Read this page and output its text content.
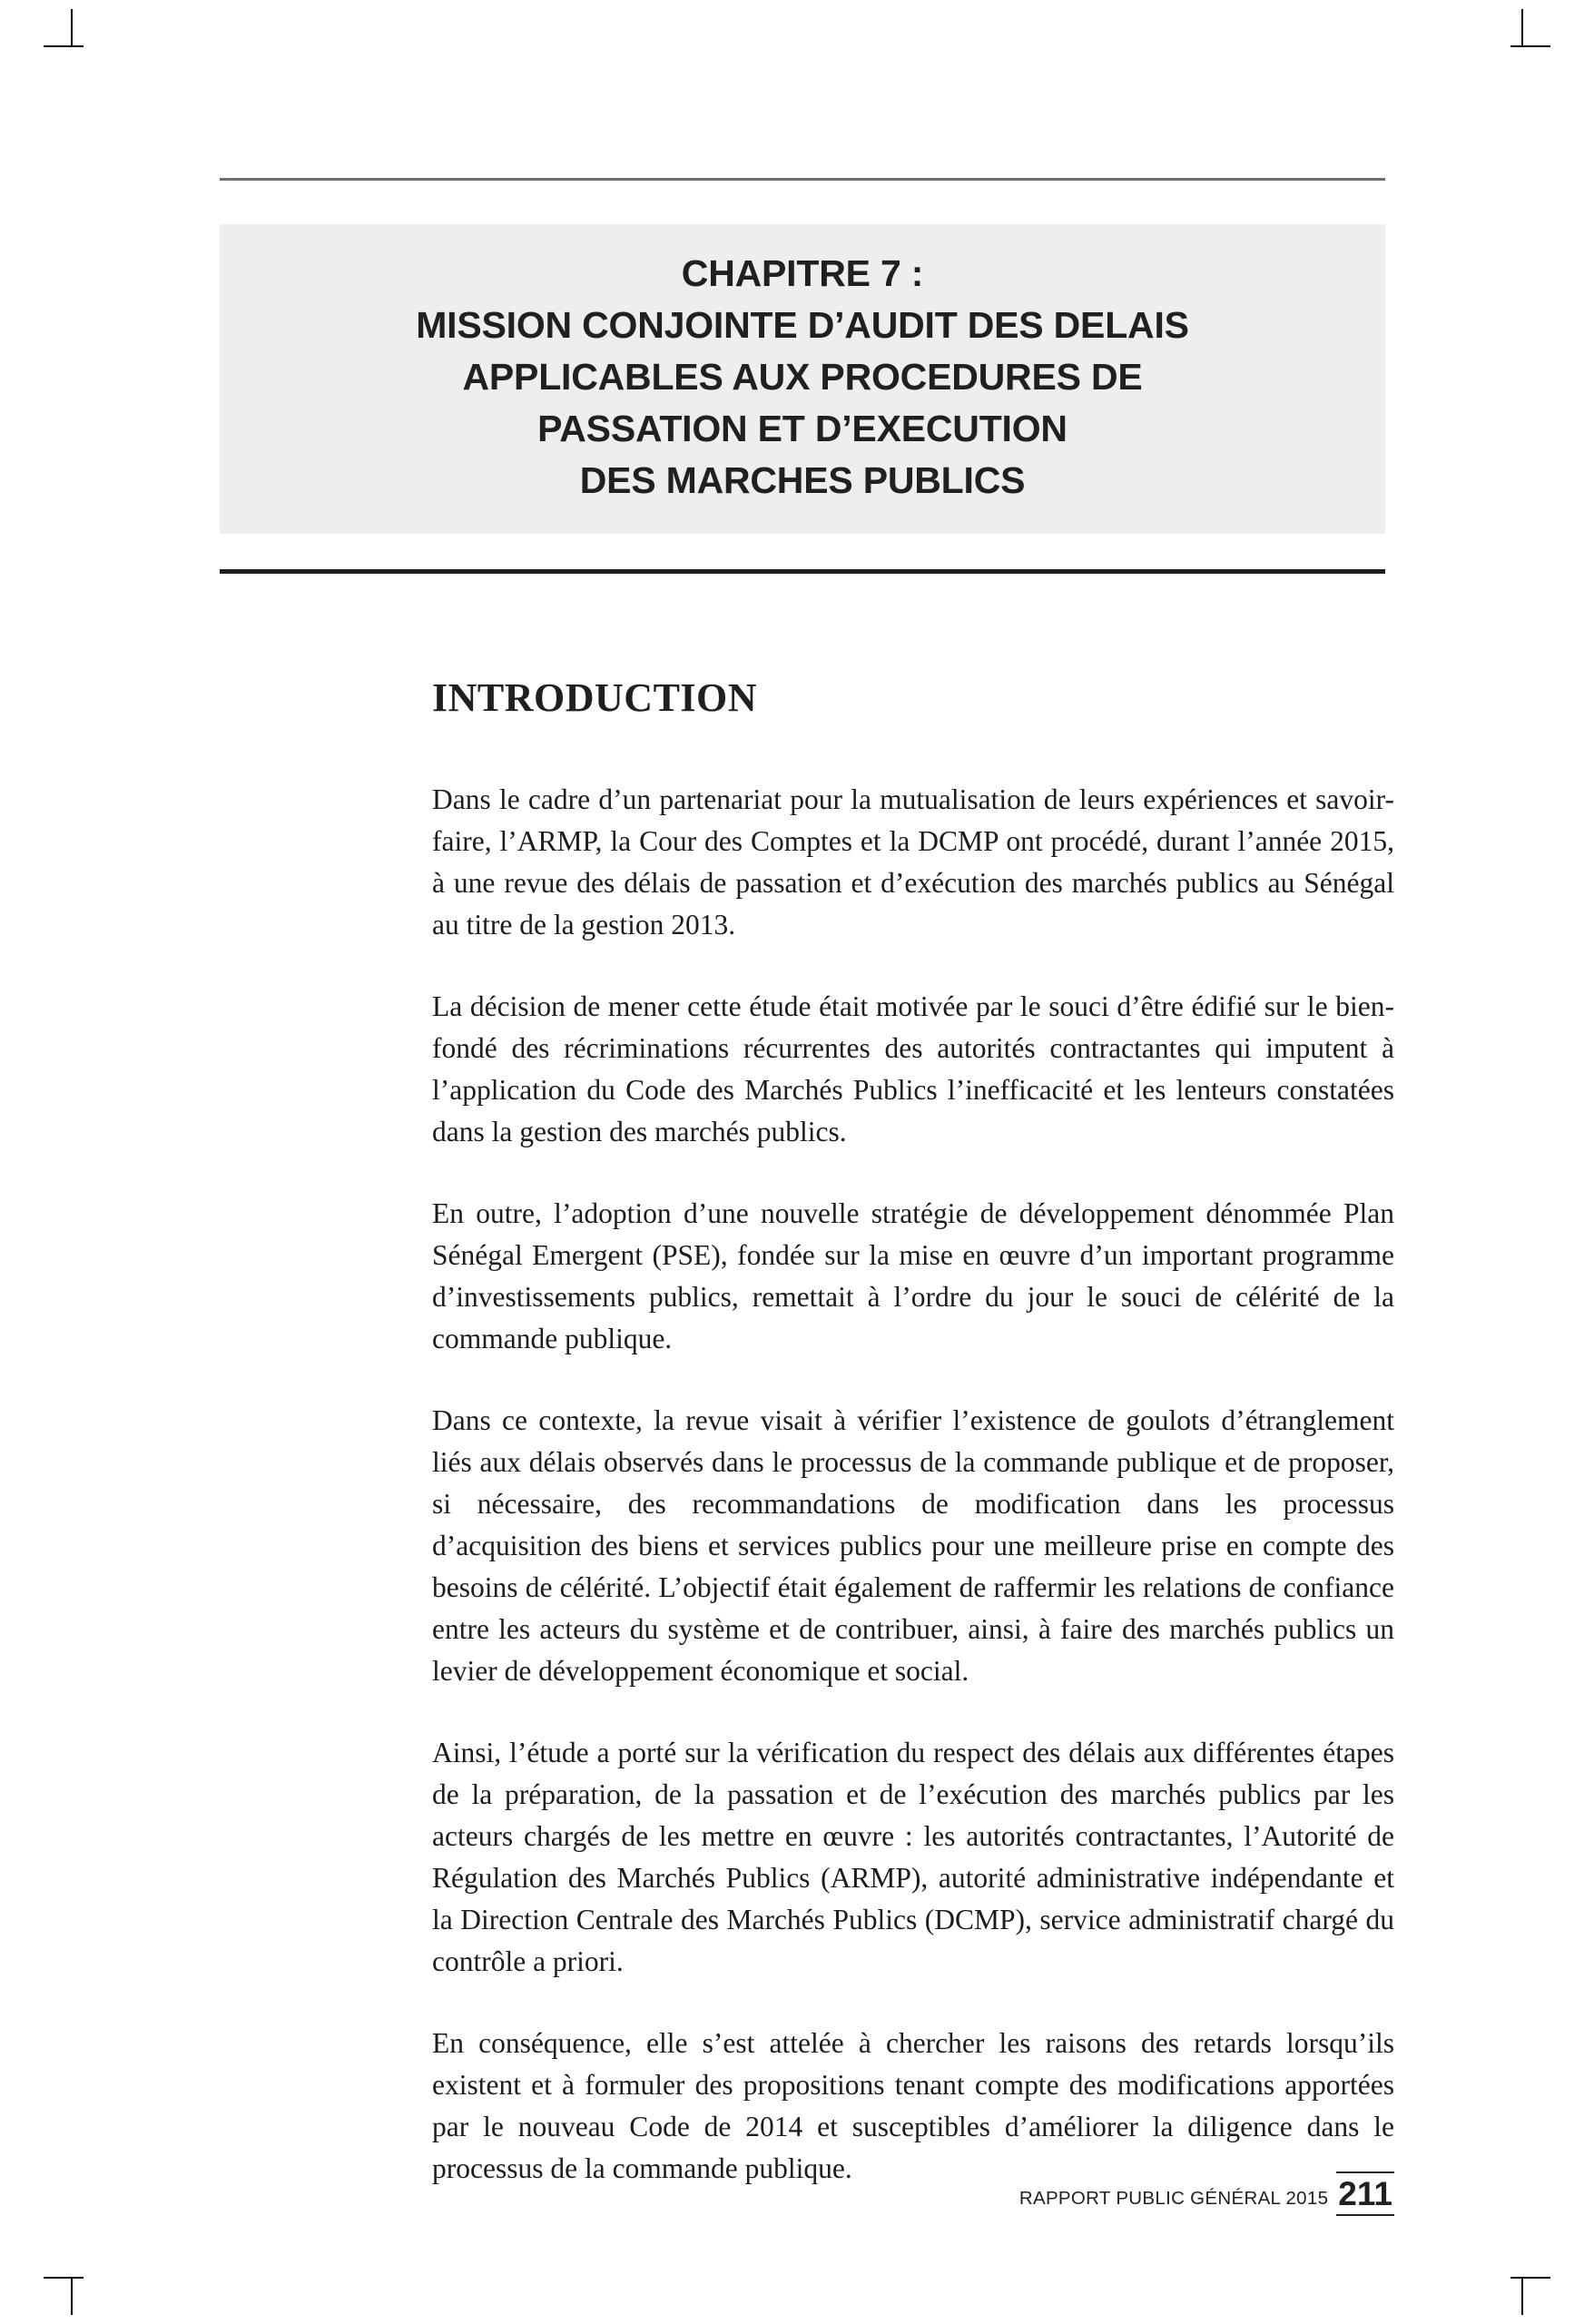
CHAPITRE 7 :
MISSION CONJOINTE D’AUDIT DES DELAIS
APPLICABLES AUX PROCEDURES DE
PASSATION ET D’EXECUTION
DES MARCHES PUBLICS
INTRODUCTION

Dans le cadre d’un partenariat pour la mutualisation de leurs expériences et savoir-faire, l’ARMP, la Cour des Comptes et la DCMP ont procédé, durant l’année 2015, à une revue des délais de passation et d’exécution des marchés publics au Sénégal au titre de la gestion 2013.

La décision de mener cette étude était motivée par le souci d’être édifié sur le bien-fondé des récriminations récurrentes des autorités contractantes qui imputent à l’application du Code des Marchés Publics l’inefficacité et les lenteurs constatées dans la gestion des marchés publics.

En outre, l’adoption d’une nouvelle stratégie de développement dénommée Plan Sénégal Emergent (PSE), fondée sur la mise en œuvre d’un important programme d’investissements publics, remettait à l’ordre du jour le souci de célérité de la commande publique.

Dans ce contexte, la revue visait à vérifier l’existence de goulots d’étranglement liés aux délais observés dans le processus de la commande publique et de proposer, si nécessaire, des recommandations de modification dans les processus d’acquisition des biens et services publics pour une meilleure prise en compte des besoins de célérité. L’objectif était également de raffermir les relations de confiance entre les acteurs du système et de contribuer, ainsi, à faire des marchés publics un levier de développement économique et social.

Ainsi, l’étude a porté sur la vérification du respect des délais aux différentes étapes de la préparation, de la passation et de l’exécution des marchés publics par les acteurs chargés de les mettre en œuvre : les autorités contractantes, l’Autorité de Régulation des Marchés Publics (ARMP), autorité administrative indépendante et la Direction Centrale des Marchés Publics (DCMP), service administratif chargé du contrôle a priori.

En conséquence, elle s’est attelée à chercher les raisons des retards lorsqu’ils existent et à formuler des propositions tenant compte des modifications apportées par le nouveau Code de 2014 et susceptibles d’améliorer la diligence dans le processus de la commande publique.

RAPPORT PUBLIC GÉNÉRAL 2015 211
